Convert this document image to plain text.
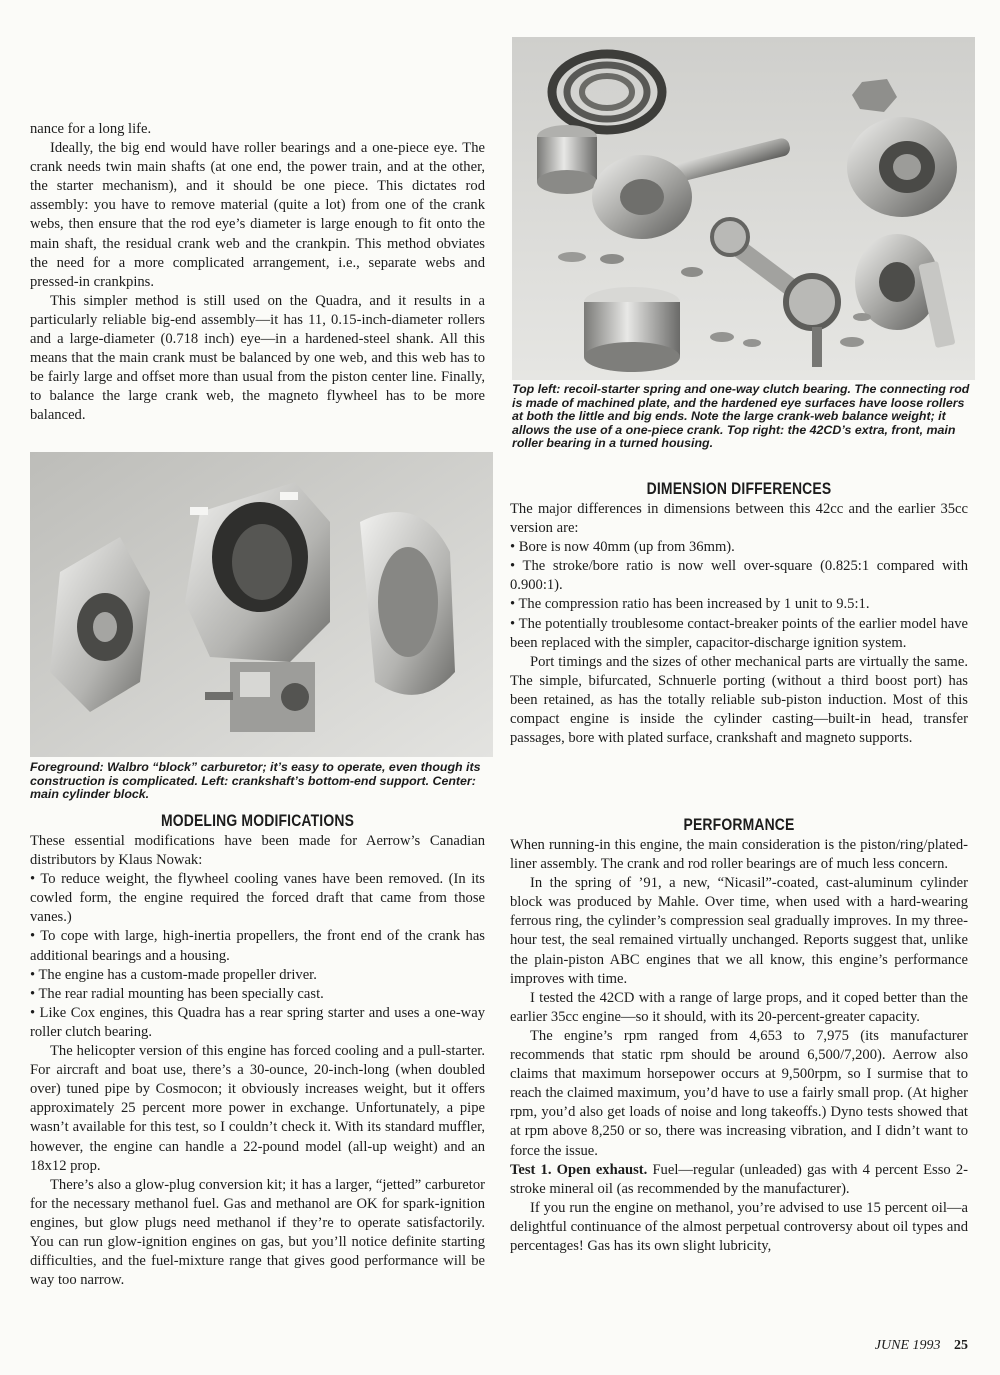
Top left: recoil-starter spring and one-way clutch bearing. The connecting rod is made of machined plate, and the hardened eye surfaces have loose rollers at both the little and big ends. Note the large crank-web balance weight; it allows the use of a one-piece crank. Top right: the 42CD’s extra, front, main roller bearing in a turned housing.

nance for a long life.

Ideally, the big end would have roller bearings and a one-piece eye. The crank needs twin main shafts (at one end, the power train, and at the other, the starter mechanism), and it should be one piece. This dictates rod assembly: you have to remove material (quite a lot) from one of the crank webs, then ensure that the rod eye’s diameter is large enough to fit onto the main shaft, the residual crank web and the crankpin. This method obviates the need for a more complicated arrangement, i.e., separate webs and pressed-in crankpins.

This simpler method is still used on the Quadra, and it results in a particularly reliable big-end assembly—it has 11, 0.15-inch-diameter rollers and a large-diameter (0.718 inch) eye—in a hardened-steel shank. All this means that the main crank must be balanced by one web, and this web has to be fairly large and offset more than usual from the piston center line. Finally, to balance the large crank web, the magneto flywheel has to be more balanced.

Foreground: Walbro “block” carburetor; it’s easy to operate, even though its construction is complicated. Left: crankshaft’s bottom-end support. Center: main cylinder block.
MODELING MODIFICATIONS

These essential modifications have been made for Aerrow’s Canadian distributors by Klaus Nowak:

• To reduce weight, the flywheel cooling vanes have been removed. (In its cowled form, the engine required the forced draft that came from those vanes.)

• To cope with large, high-inertia propellers, the front end of the crank has additional bearings and a housing.

• The engine has a custom-made propeller driver.

• The rear radial mounting has been specially cast.

• Like Cox engines, this Quadra has a rear spring starter and uses a one-way roller clutch bearing.

The helicopter version of this engine has forced cooling and a pull-starter. For aircraft and boat use, there’s a 30-ounce, 20-inch-long (when doubled over) tuned pipe by Cosmocon; it obviously increases weight, but it offers approximately 25 percent more power in exchange. Unfortunately, a pipe wasn’t available for this test, so I couldn’t check it. With its standard muffler, however, the engine can handle a 22-pound model (all-up weight) and an 18x12 prop.

There’s also a glow-plug conversion kit; it has a larger, “jetted” carburetor for the necessary methanol fuel. Gas and methanol are OK for spark-ignition engines, but glow plugs need methanol if they’re to operate satisfactorily. You can run glow-ignition engines on gas, but you’ll notice definite starting difficulties, and the fuel-mixture range that gives good performance will be way too narrow.

DIMENSION DIFFERENCES

The major differences in dimensions between this 42cc and the earlier 35cc version are:

• Bore is now 40mm (up from 36mm).

• The stroke/bore ratio is now well over-square (0.825:1 compared with 0.900:1).

• The compression ratio has been increased by 1 unit to 9.5:1.

• The potentially troublesome contact-breaker points of the earlier model have been replaced with the simpler, capacitor-discharge ignition system.

Port timings and the sizes of other mechanical parts are virtually the same. The simple, bifurcated, Schnuerle porting (without a third boost port) has been retained, as has the totally reliable sub-piston induction. Most of this compact engine is inside the cylinder casting—built-in head, transfer passages, bore with plated surface, crankshaft and magneto supports.

PERFORMANCE

When running-in this engine, the main consideration is the piston/ring/plated-liner assembly. The crank and rod roller bearings are of much less concern.

In the spring of ’91, a new, “Nicasil”-coated, cast-aluminum cylinder block was produced by Mahle. Over time, when used with a hard-wearing ferrous ring, the cylinder’s compression seal gradually improves. In my three-hour test, the seal remained virtually unchanged. Reports suggest that, unlike the plain-piston ABC engines that we all know, this engine’s performance improves with time.

I tested the 42CD with a range of large props, and it coped better than the earlier 35cc engine—so it should, with its 20-percent-greater capacity.

The engine’s rpm ranged from 4,653 to 7,975 (its manufacturer recommends that static rpm should be around 6,500/7,200). Aerrow also claims that maximum horsepower occurs at 9,500rpm, so I surmise that to reach the claimed maximum, you’d have to use a fairly small prop. (At higher rpm, you’d also get loads of noise and long takeoffs.) Dyno tests showed that at rpm above 8,250 or so, there was increasing vibration, and I didn’t want to force the issue.

Test 1. Open exhaust. Fuel—regular (unleaded) gas with 4 percent Esso 2-stroke mineral oil (as recommended by the manufacturer).

If you run the engine on methanol, you’re advised to use 15 percent oil—a delightful continuance of the almost perpetual controversy about oil types and percentages! Gas has its own slight lubricity,

JUNE 1993 25
